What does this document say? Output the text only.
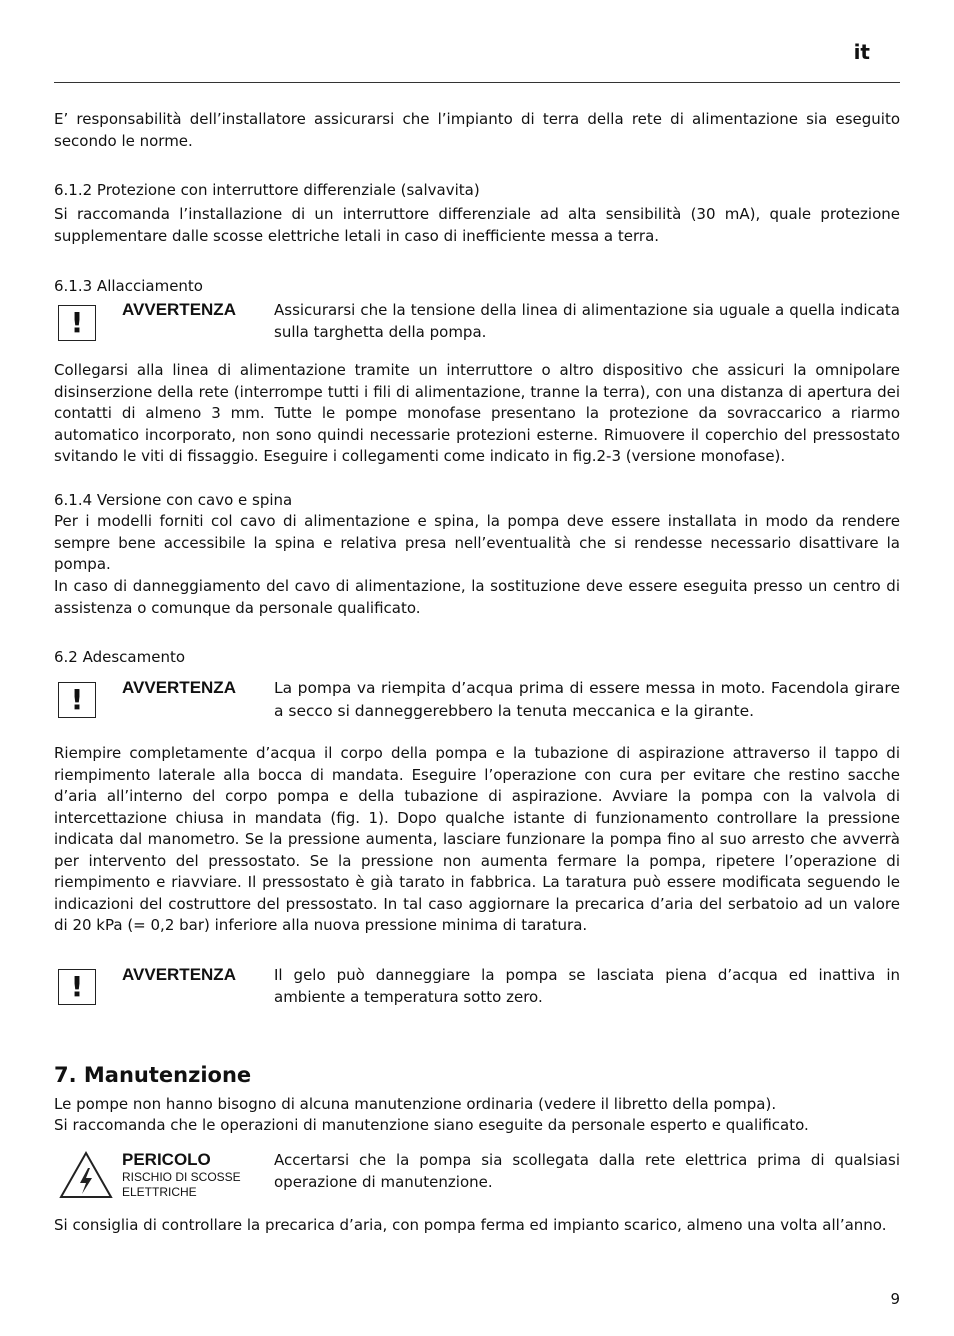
it

E’ responsabilità dell’installatore assicurarsi che l’impianto di terra della rete di alimentazione sia eseguito secondo le norme.

6.1.2 Protezione con interruttore differenziale (salvavita)

Si raccomanda l’installazione di un interruttore differenziale ad alta sensibilità (30 mA), quale protezione supplementare dalle scosse elettriche letali in caso di inefficiente messa a terra.

6.1.3 Allacciamento

!	AVVERTENZA	Assicurarsi che la tensione della linea di alimentazione sia uguale a quella indicata sulla targhetta della pompa.

Collegarsi alla linea di alimentazione tramite un interruttore o altro dispositivo che assicuri la omnipolare disinserzione della rete (interrompe tutti i fili di alimentazione, tranne la terra), con una distanza di apertura dei contatti di almeno 3 mm. Tutte le pompe monofase presentano la protezione da sovraccarico a riarmo automatico incorporato, non sono quindi necessarie protezioni esterne. Rimuovere il coperchio del pressostato svitando le viti di fissaggio. Eseguire i collegamenti come indicato in fig.2-3 (versione monofase).

6.1.4 Versione con cavo e spina

Per i modelli forniti col cavo di alimentazione e spina, la pompa deve essere installata in modo da rendere sempre bene accessibile la spina e relativa presa nell’eventualità che si rendesse necessario disattivare la pompa.

In caso di danneggiamento del cavo di alimentazione, la sostituzione deve essere eseguita presso un centro di assistenza o comunque da personale qualificato.

6.2 Adescamento

!	AVVERTENZA La pompa va riempita d’acqua prima di essere messa in moto. Facendola girare a secco si danneggerebbero la tenuta meccanica e la girante.

Riempire completamente d’acqua il corpo della pompa e la tubazione di aspirazione attraverso il tappo di riempimento laterale alla bocca di mandata. Eseguire l’operazione con cura per evitare che restino sacche d’aria all’interno del corpo pompa e della tubazione di aspirazione. Avviare la pompa con la valvola di intercettazione chiusa in mandata (fig. 1). Dopo qualche istante di funzionamento controllare la pressione indicata dal manometro. Se la pressione aumenta, lasciare funzionare la pompa fino al suo arresto che avverrà per intervento del pressostato. Se la pressione non aumenta fermare la pompa, ripetere l’operazione di riempimento e riavviare. Il pressostato è già tarato in fabbrica. La taratura può essere modificata seguendo le indicazioni del costruttore del pressostato. In tal caso aggiornare la precarica d’aria del serbatoio ad un valore di 20 kPa (= 0,2 bar) inferiore alla nuova pressione minima di taratura.

!	AVVERTENZA	Il gelo può danneggiare la pompa se lasciata piena d’acqua ed inattiva in ambiente a temperatura sotto zero.

7. Manutenzione

Le pompe non hanno bisogno di alcuna manutenzione ordinaria (vedere il libretto della pompa).

Si raccomanda che le operazioni di manutenzione siano eseguite da personale esperto e qualificato.

PERICOLO
RISCHIO DI SCOSSE ELETTRICHE

Accertarsi che la pompa sia scollegata dalla rete elettrica prima di qualsiasi operazione di manutenzione.

Si consiglia di controllare la precarica d’aria, con pompa ferma ed impianto scarico, almeno una volta all’anno.

9
